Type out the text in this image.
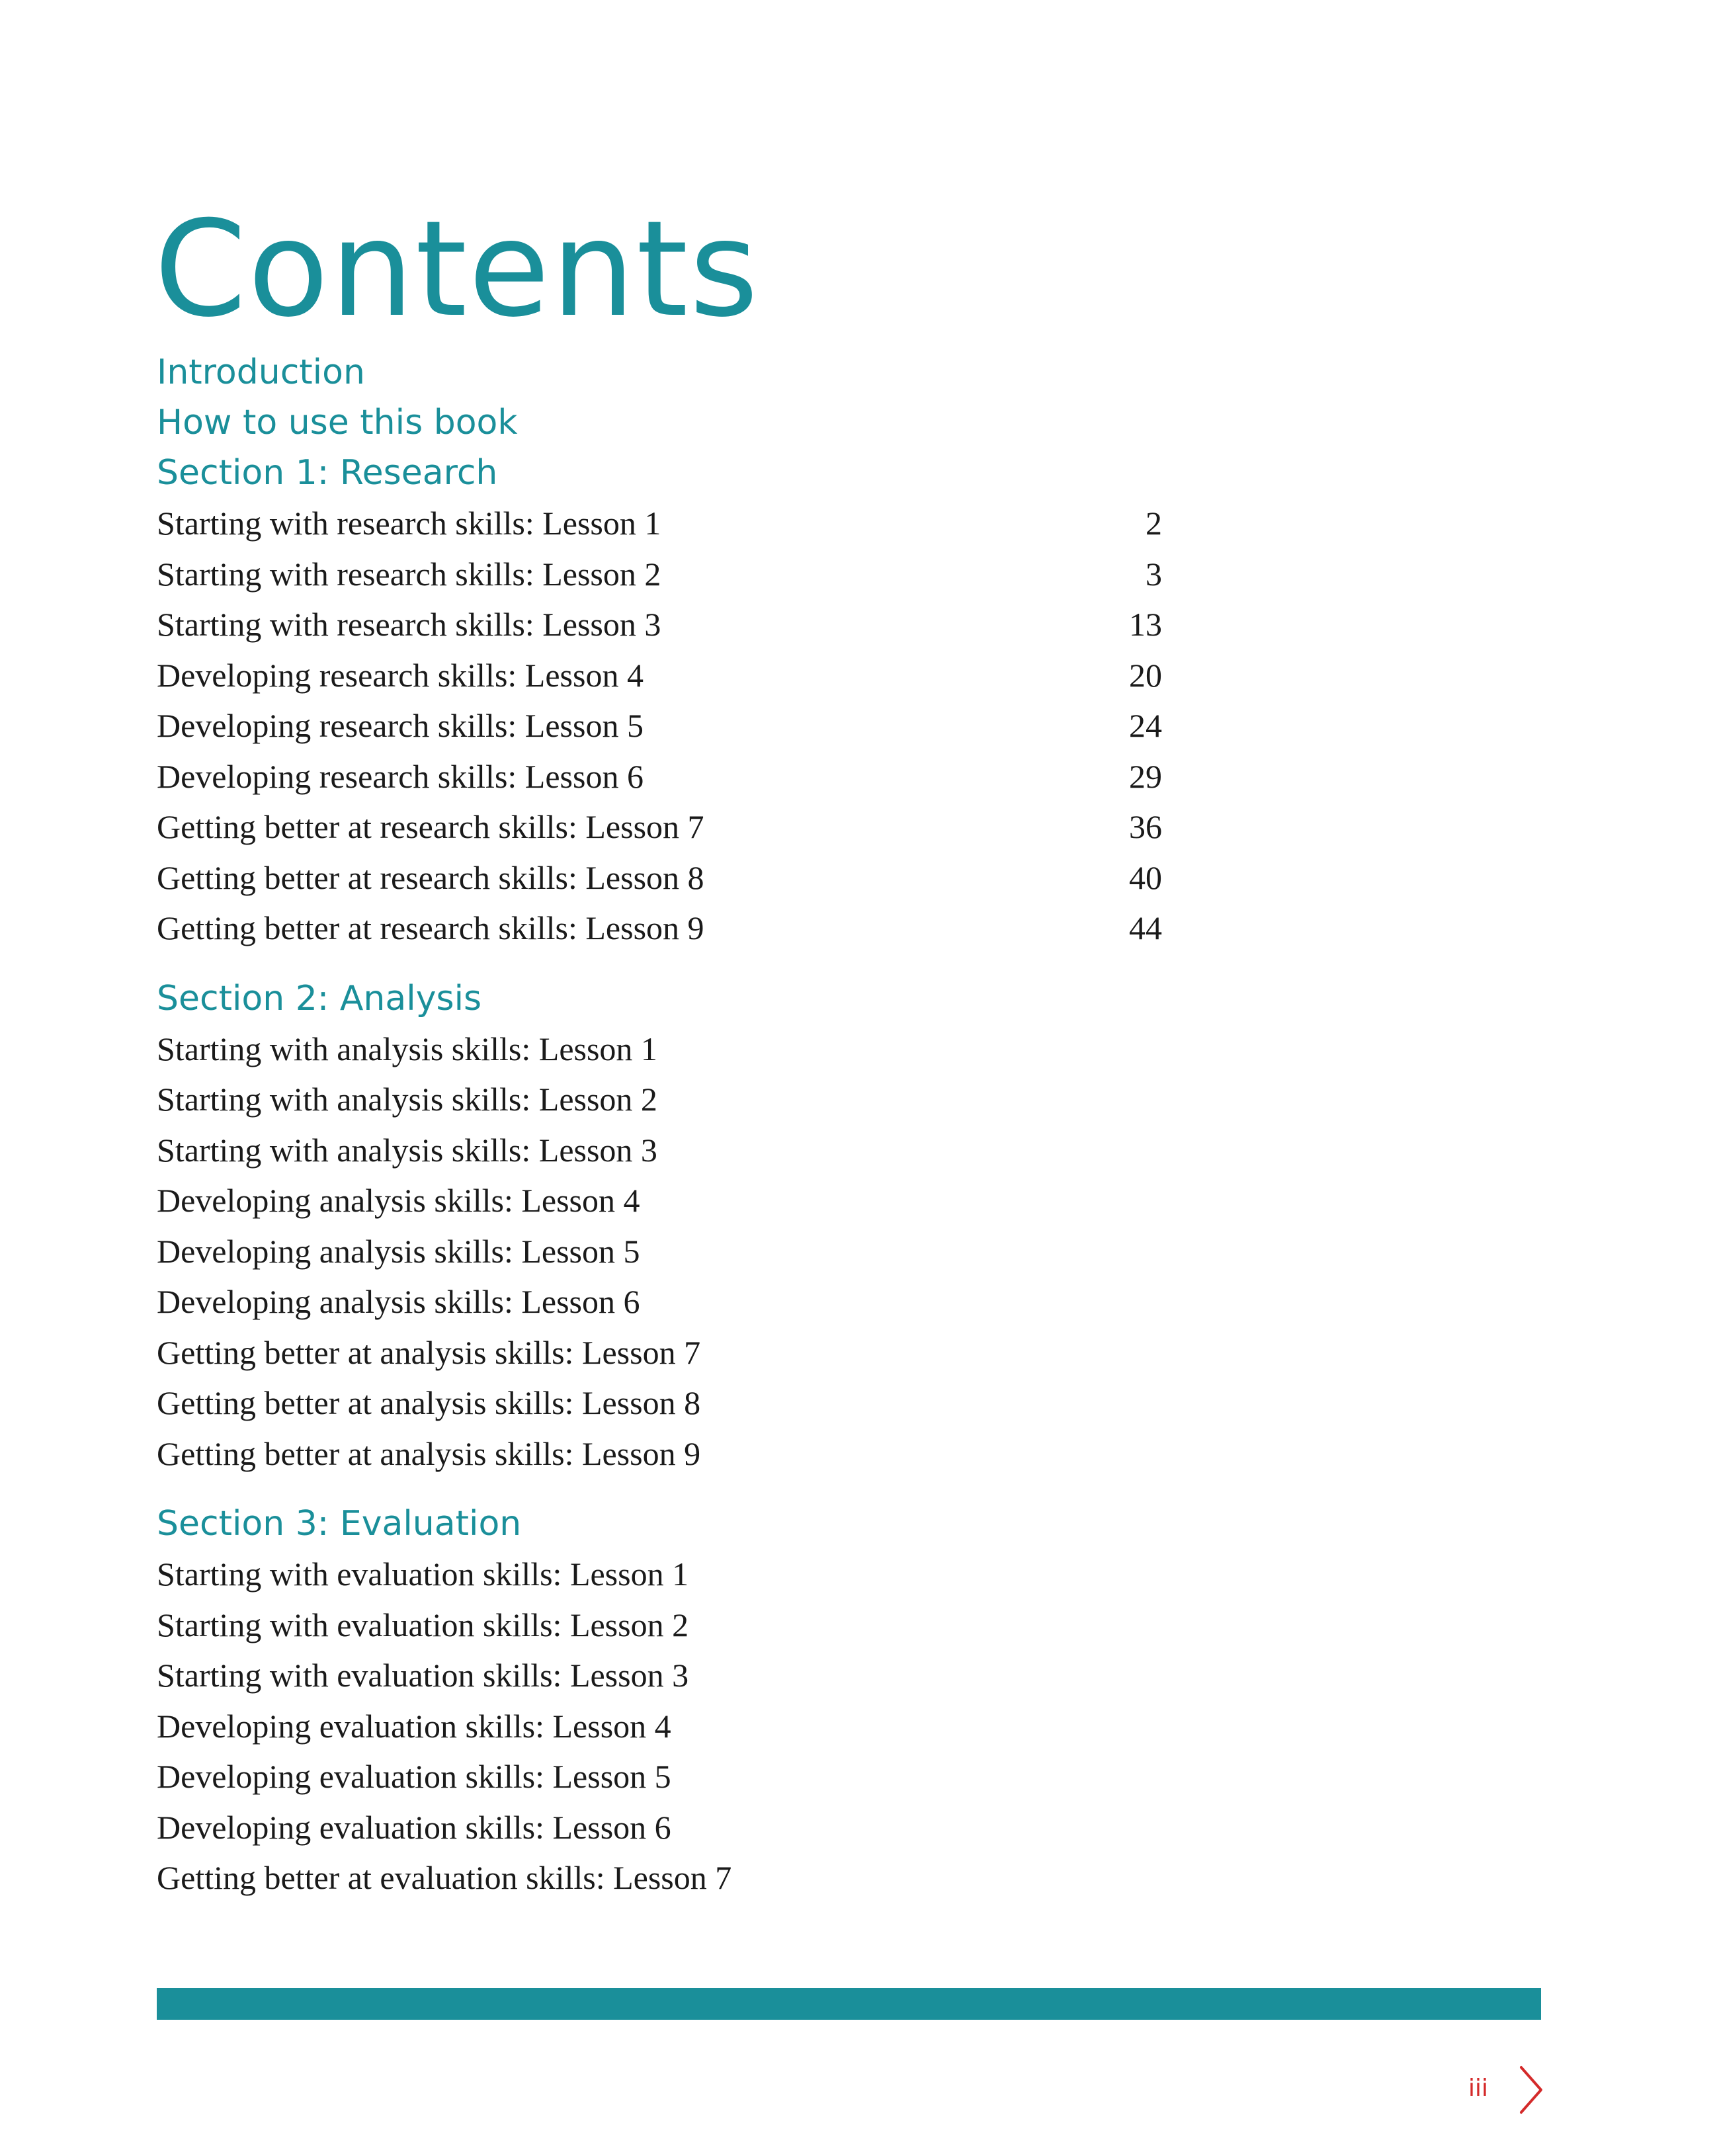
Contents
Introduction
How to use this book
Section 1: Research
Starting with research skills: Lesson 1	2
Starting with research skills: Lesson 2	3
Starting with research skills: Lesson 3	13
Developing research skills: Lesson 4	20
Developing research skills: Lesson 5	24
Developing research skills: Lesson 6	29
Getting better at research skills: Lesson 7	36
Getting better at research skills: Lesson 8	40
Getting better at research skills: Lesson 9	44
Section 2: Analysis
Starting with analysis skills: Lesson 1
Starting with analysis skills: Lesson 2
Starting with analysis skills: Lesson 3
Developing analysis skills: Lesson 4
Developing analysis skills: Lesson 5
Developing analysis skills: Lesson 6
Getting better at analysis skills: Lesson 7
Getting better at analysis skills: Lesson 8
Getting better at analysis skills: Lesson 9
Section 3: Evaluation
Starting with evaluation skills: Lesson 1
Starting with evaluation skills: Lesson 2
Starting with evaluation skills: Lesson 3
Developing evaluation skills: Lesson 4
Developing evaluation skills: Lesson 5
Developing evaluation skills: Lesson 6
Getting better at evaluation skills: Lesson 7
iii
